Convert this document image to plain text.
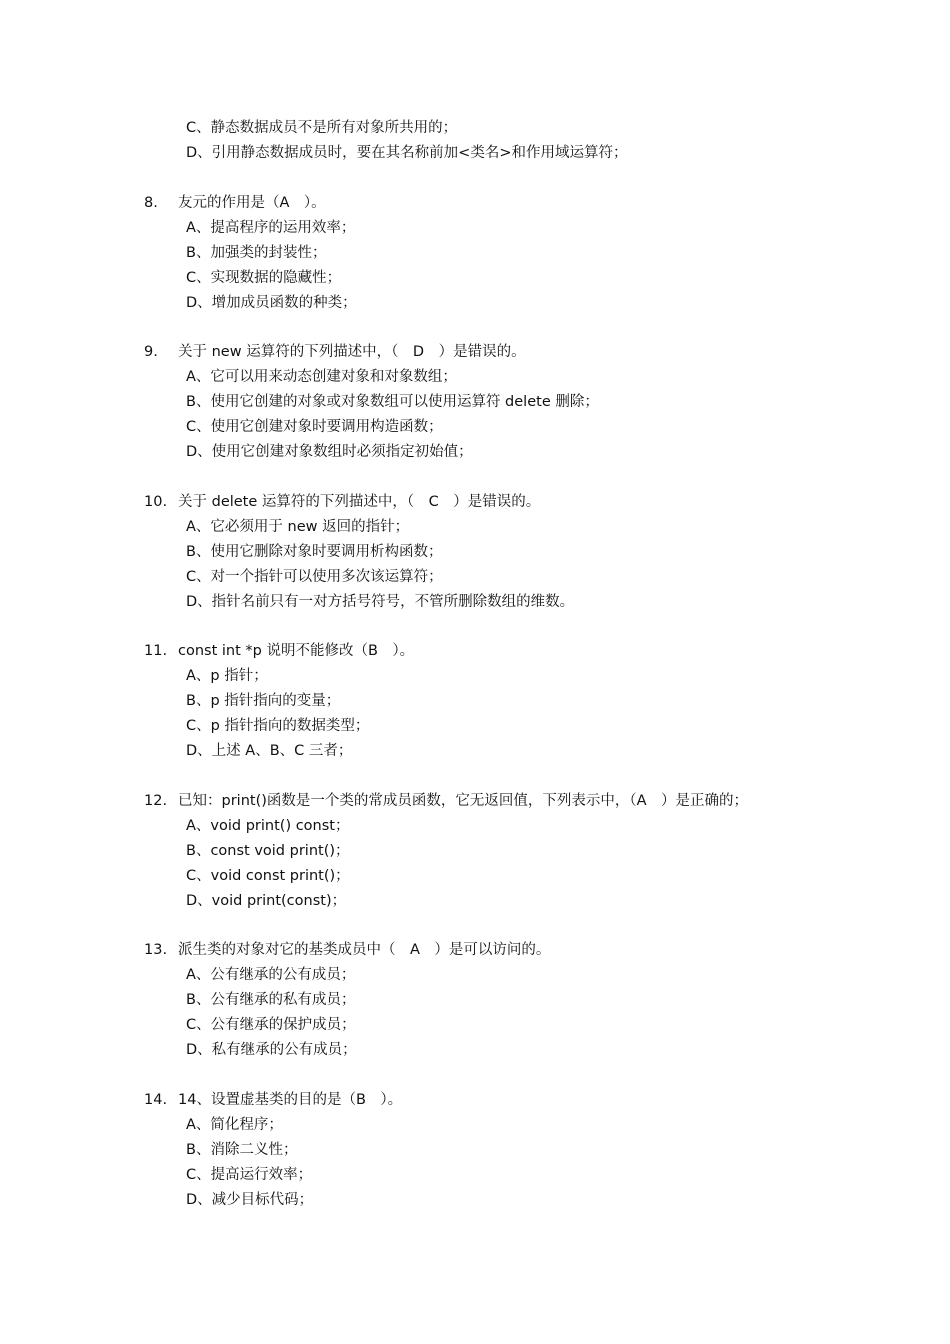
C、静态数据成员不是所有对象所共用的；
D、引用静态数据成员时，要在其名称前加<类名>和作用域运算符；
8. 友元的作用是（A　）。
A、提高程序的运用效率；
B、加强类的封装性；
C、实现数据的隐藏性；
D、增加成员函数的种类；
9. 关于 new 运算符的下列描述中，（　D　）是错误的。
A、它可以用来动态创建对象和对象数组；
B、使用它创建的对象或对象数组可以使用运算符 delete 删除；
C、使用它创建对象时要调用构造函数；
D、使用它创建对象数组时必须指定初始值；
10. 关于 delete 运算符的下列描述中，（　C　）是错误的。
A、它必须用于 new 返回的指针；
B、使用它删除对象时要调用析构函数；
C、对一个指针可以使用多次该运算符；
D、指针名前只有一对方括号符号，不管所删除数组的维数。
11. const int *p 说明不能修改（B　）。
A、p 指针；
B、p 指针指向的变量；
C、p 指针指向的数据类型；
D、上述 A、B、C 三者；
12. 已知：print()函数是一个类的常成员函数，它无返回值，下列表示中，（A　）是正确的；
A、void print() const；
B、const void print()；
C、void const print()；
D、void print(const)；
13. 派生类的对象对它的基类成员中（　A　）是可以访问的。
A、公有继承的公有成员；
B、公有继承的私有成员；
C、公有继承的保护成员；
D、私有继承的公有成员；
14. 14、设置虚基类的目的是（B　）。
A、简化程序；
B、消除二义性；
C、提高运行效率；
D、减少目标代码；
